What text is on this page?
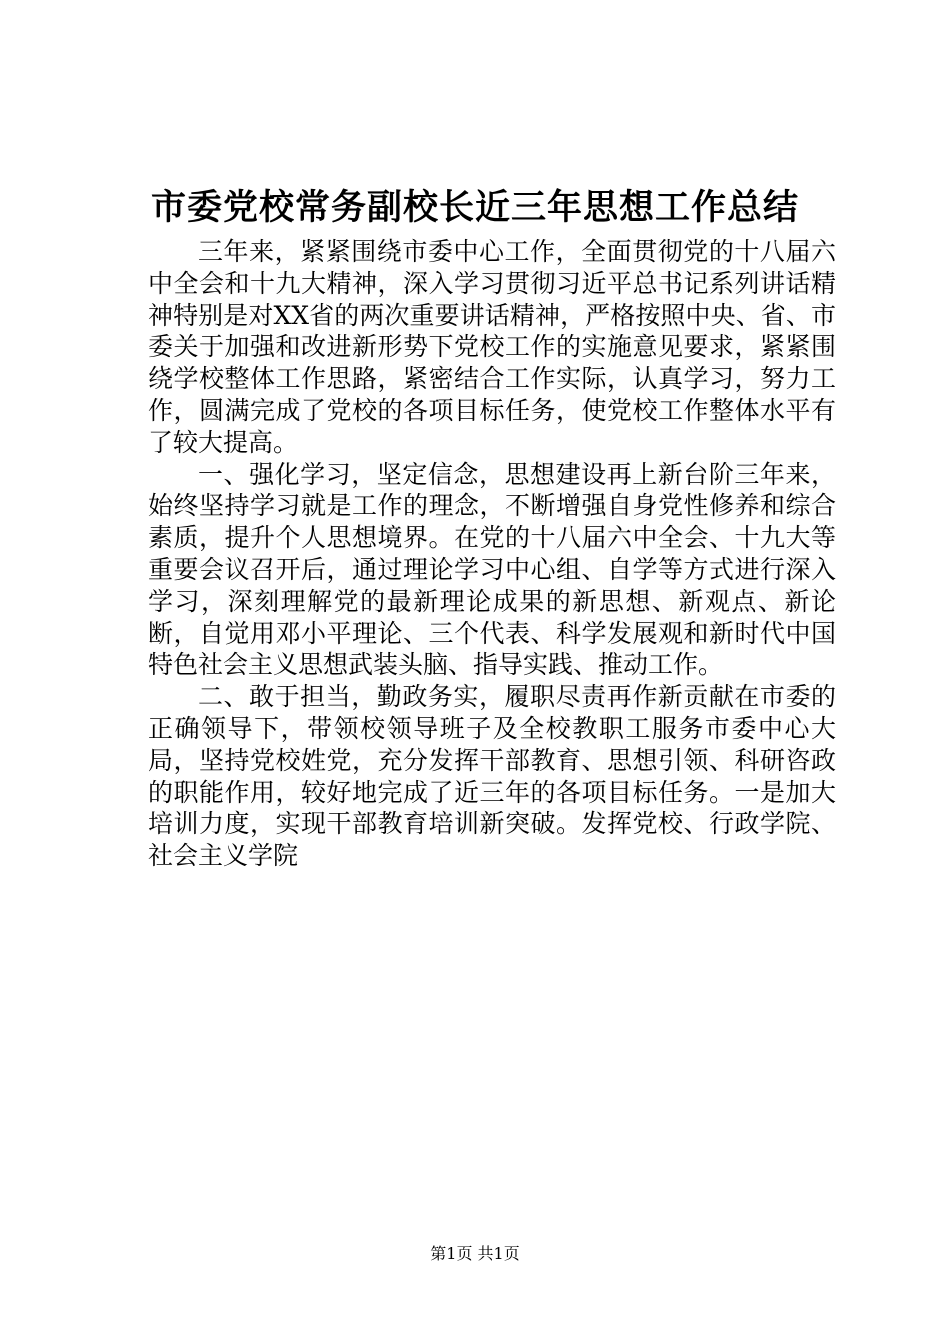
市委党校常务副校长近三年思想工作总结

三年来，紧紧围绕市委中心工作，全面贯彻党的十八届六中全会和十九大精神，深入学习贯彻习近平总书记系列讲话精神特别是对XX省的两次重要讲话精神，严格按照中央、省、市委关于加强和改进新形势下党校工作的实施意见要求，紧紧围绕学校整体工作思路，紧密结合工作实际，认真学习，努力工作，圆满完成了党校的各项目标任务，使党校工作整体水平有了较大提高。

一、强化学习，坚定信念，思想建设再上新台阶三年来，始终坚持学习就是工作的理念，不断增强自身党性修养和综合素质，提升个人思想境界。在党的十八届六中全会、十九大等重要会议召开后，通过理论学习中心组、自学等方式进行深入学习，深刻理解党的最新理论成果的新思想、新观点、新论断，自觉用邓小平理论、三个代表、科学发展观和新时代中国特色社会主义思想武装头脑、指导实践、推动工作。

二、敢于担当，勤政务实，履职尽责再作新贡献在市委的正确领导下，带领校领导班子及全校教职工服务市委中心大局，坚持党校姓党，充分发挥干部教育、思想引领、科研咨政的职能作用，较好地完成了近三年的各项目标任务。一是加大培训力度，实现干部教育培训新突破。发挥党校、行政学院、社会主义学院

第1页 共1页
